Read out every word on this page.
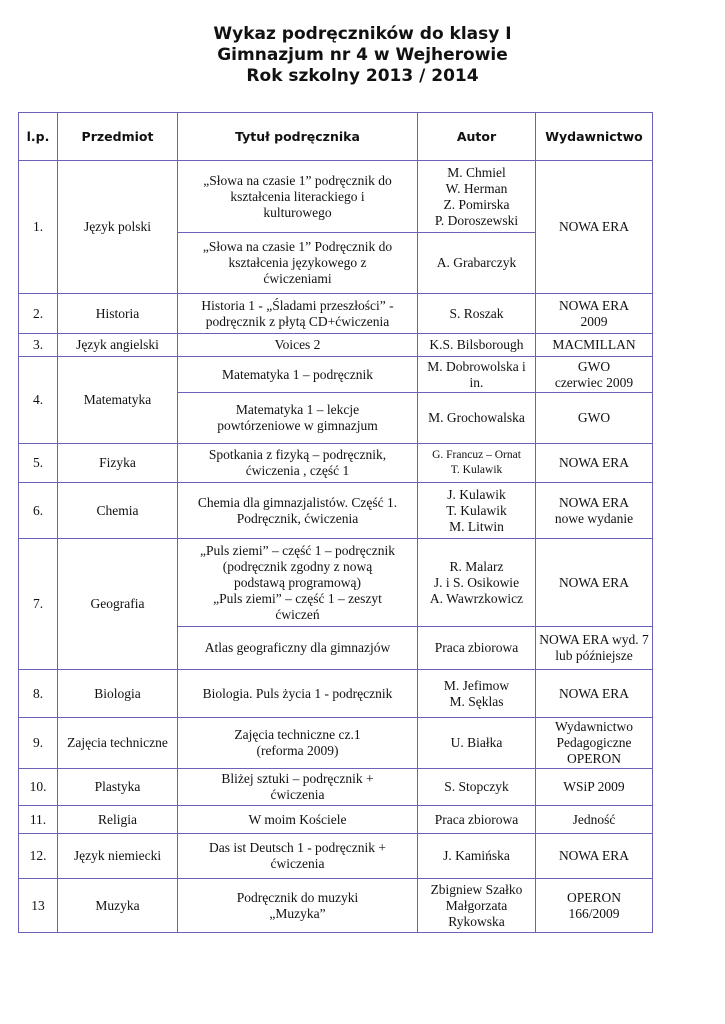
Wykaz podręczników do klasy I
Gimnazjum nr 4 w Wejherowie
Rok szkolny 2013 / 2014
l.p.	Przedmiot	Tytuł podręcznika	Autor	Wydawnictwo

1.	Język polski	„Słowa na czasie 1” podręcznik do
kształcenia literackiego i
kulturowego	M. Chmiel
W. Herman
Z. Pomirska
P. Doroszewski	NOWA ERA

		„Słowa na czasie 1” Podręcznik do
kształcenia językowego z
ćwiczeniami	A. Grabarczyk	

2.	Historia	Historia 1 - „Śladami przeszłości” -
podręcznik z płytą CD+ćwiczenia	S. Roszak	NOWA ERA
2009

3.	Język angielski	Voices 2	K.S. Bilsborough	MACMILLAN

4.	Matematyka	Matematyka 1 – podręcznik	M. Dobrowolska i
in.	GWO
czerwiec 2009

		Matematyka 1 – lekcje
powtórzeniowe w gimnazjum	M. Grochowalska	GWO

5.	Fizyka	Spotkania z fizyką – podręcznik,
ćwiczenia , część 1	G. Francuz – Ornat
T. Kulawik	NOWA ERA

6.	Chemia	Chemia dla gimnazjalistów. Część 1.
Podręcznik, ćwiczenia	J. Kulawik
T. Kulawik
M. Litwin	NOWA ERA
nowe wydanie

7.	Geografia	„Puls ziemi” – część 1 – podręcznik
(podręcznik zgodny z nową
podstawą programową)
„Puls ziemi” – część 1 – zeszyt
ćwiczeń	R. Malarz
J. i S. Osikowie
A. Wawrzkowicz	NOWA ERA

		Atlas geograficzny dla gimnazjów	Praca zbiorowa	NOWA ERA wyd. 7
lub późniejsze

8.	Biologia	Biologia. Puls życia 1 - podręcznik	M. Jefimow
M. Sęklas	NOWA ERA

9.	Zajęcia techniczne	Zajęcia techniczne cz.1
(reforma 2009)	U. Białka	Wydawnictwo
Pedagogiczne
OPERON

10.	Plastyka	Bliżej sztuki – podręcznik +
ćwiczenia	S. Stopczyk	WSiP 2009

11.	Religia	W moim Kościele	Praca zbiorowa	Jedność

12.	Język niemiecki	Das ist Deutsch 1 - podręcznik +
ćwiczenia	J. Kamińska	NOWA ERA

13	Muzyka	Podręcznik do muzyki
„Muzyka”	Zbigniew Szałko
Małgorzata
Rykowska	OPERON
166/2009
